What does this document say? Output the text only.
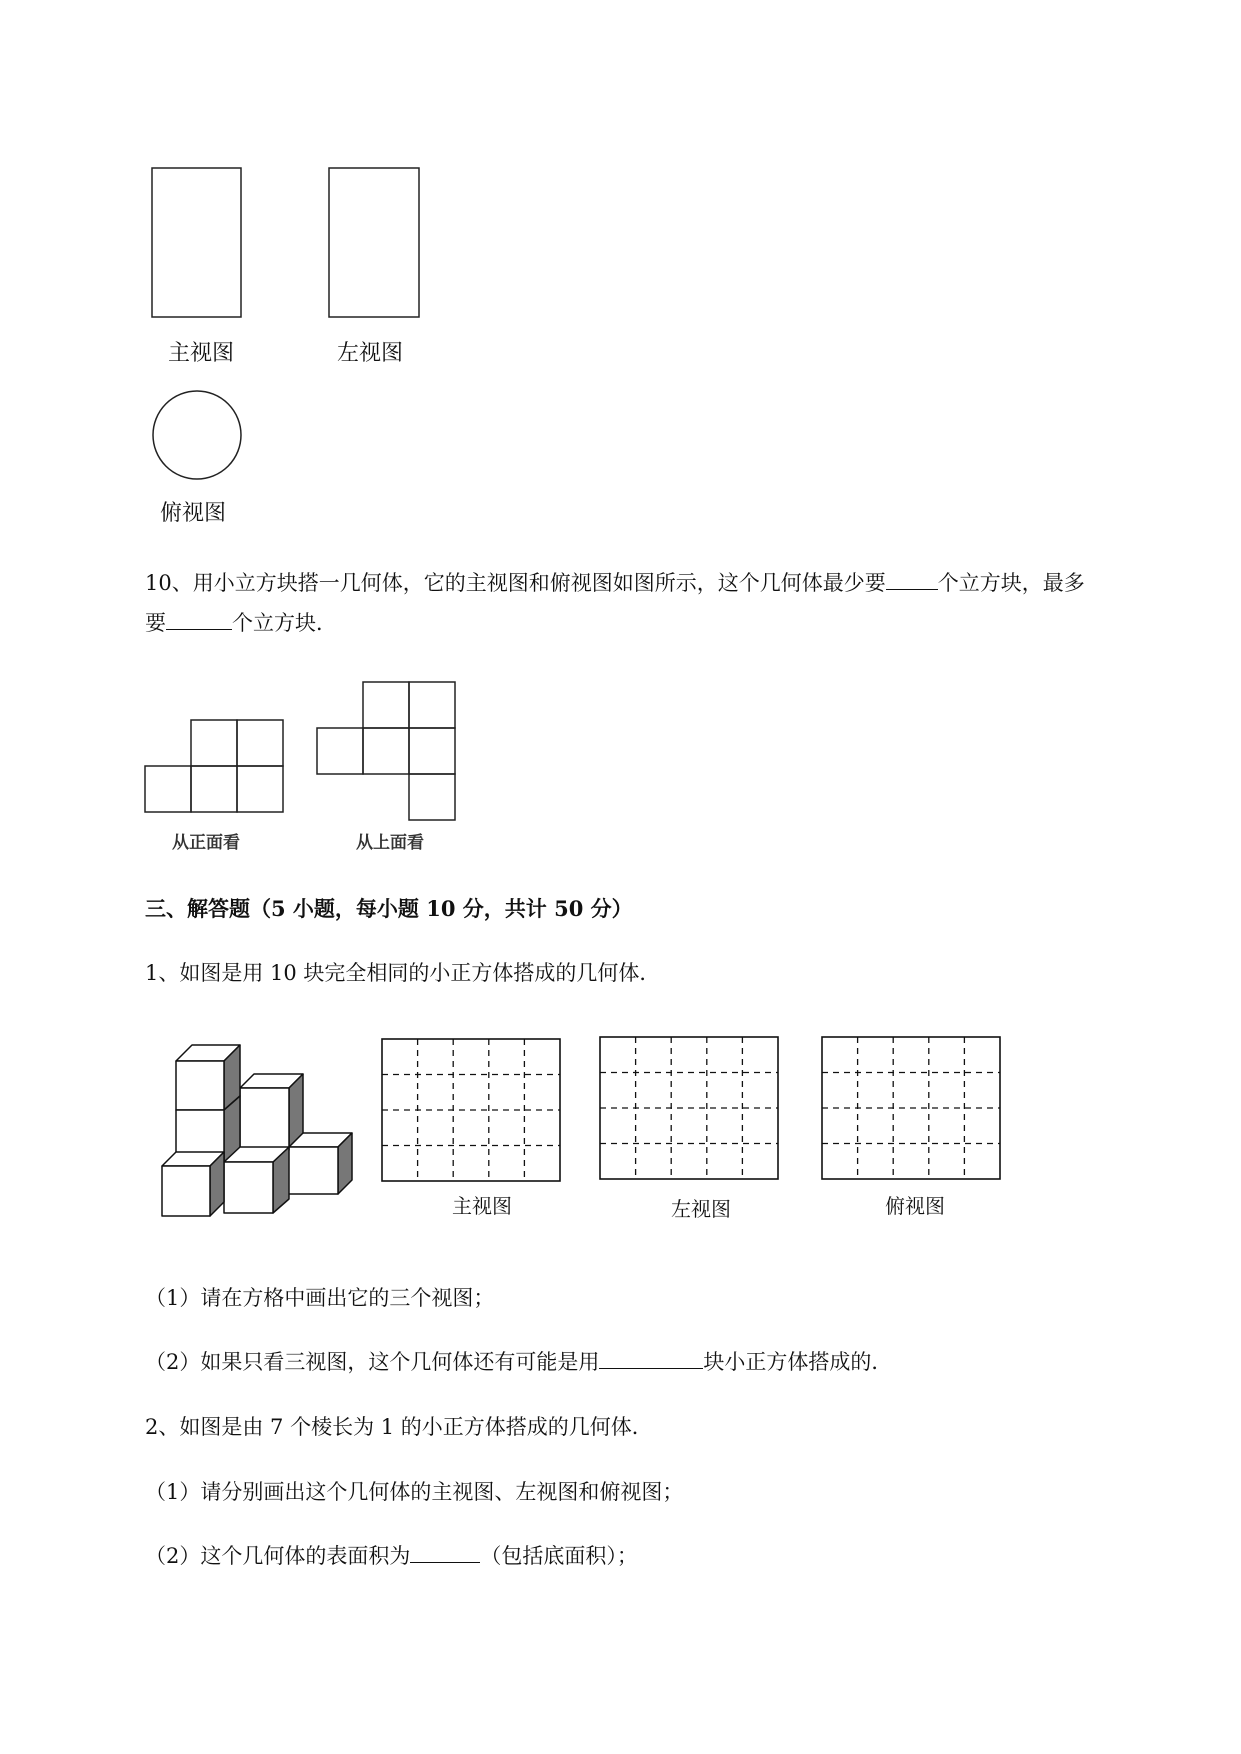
主视图	左视图
俯视图
10、用小立方块搭一几何体，它的主视图和俯视图如图所示，这个几何体最少要 个立方块，最多
要	个立方块．
从正面看	从上面看
三、解答题（5 小题，每小题 10 分，共计 50 分）
1、如图是用 10 块完全相同的小正方体搭成的几何体．
主视图	左视图	俯视图
（1）请在方格中画出它的三个视图；
（2）如果只看三视图，这个几何体还有可能是用	块小正方体搭成的．
2、如图是由 7 个棱长为 1 的小正方体搭成的几何体．
（1）请分别画出这个几何体的主视图、左视图和俯视图；
（2）这个几何体的表面积为	（包括底面积）；
